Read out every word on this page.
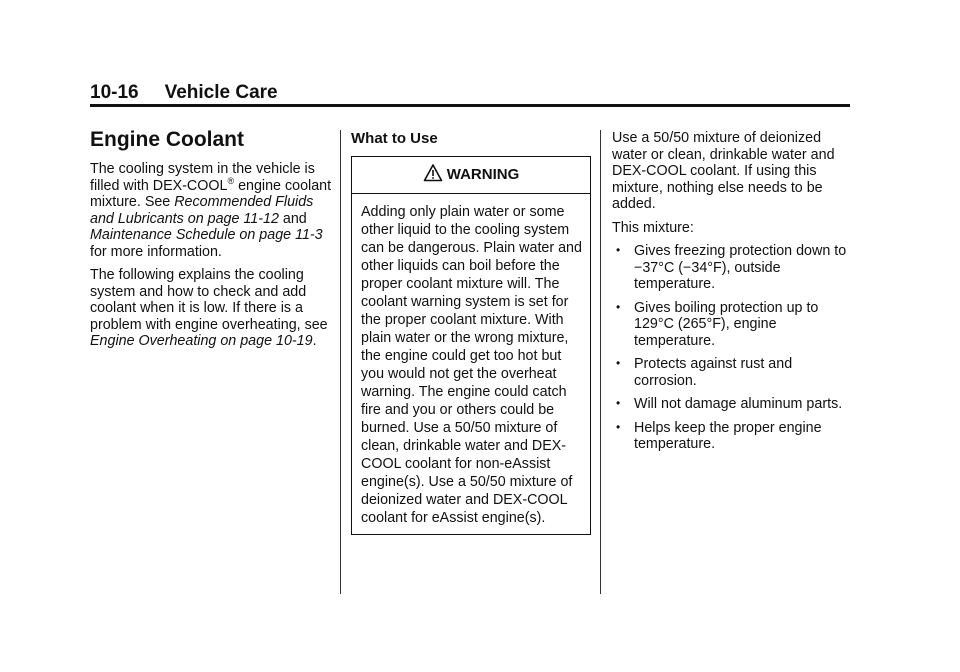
10-16 Vehicle Care
Engine Coolant

The cooling system in the vehicle is filled with DEX-COOL® engine coolant mixture. See Recommended Fluids and Lubricants on page 11-12 and Maintenance Schedule on page 11-3 for more information.

The following explains the cooling system and how to check and add coolant when it is low. If there is a problem with engine overheating, see Engine Overheating on page 10-19.

What to Use
WARNING
Adding only plain water or some other liquid to the cooling system can be dangerous. Plain water and other liquids can boil before the proper coolant mixture will. The coolant warning system is set for the proper coolant mixture. With plain water or the wrong mixture, the engine could get too hot but you would not get the overheat warning. The engine could catch fire and you or others could be burned. Use a 50/50 mixture of clean, drinkable water and DEX-COOL coolant for non-eAssist engine(s). Use a 50/50 mixture of deionized water and DEX-COOL coolant for eAssist engine(s).

Use a 50/50 mixture of deionized water or clean, drinkable water and DEX-COOL coolant. If using this mixture, nothing else needs to be added.

This mixture:

• Gives freezing protection down to −37°C (−34°F), outside temperature.
• Gives boiling protection up to 129°C (265°F), engine temperature.
• Protects against rust and corrosion.
• Will not damage aluminum parts.
• Helps keep the proper engine temperature.
